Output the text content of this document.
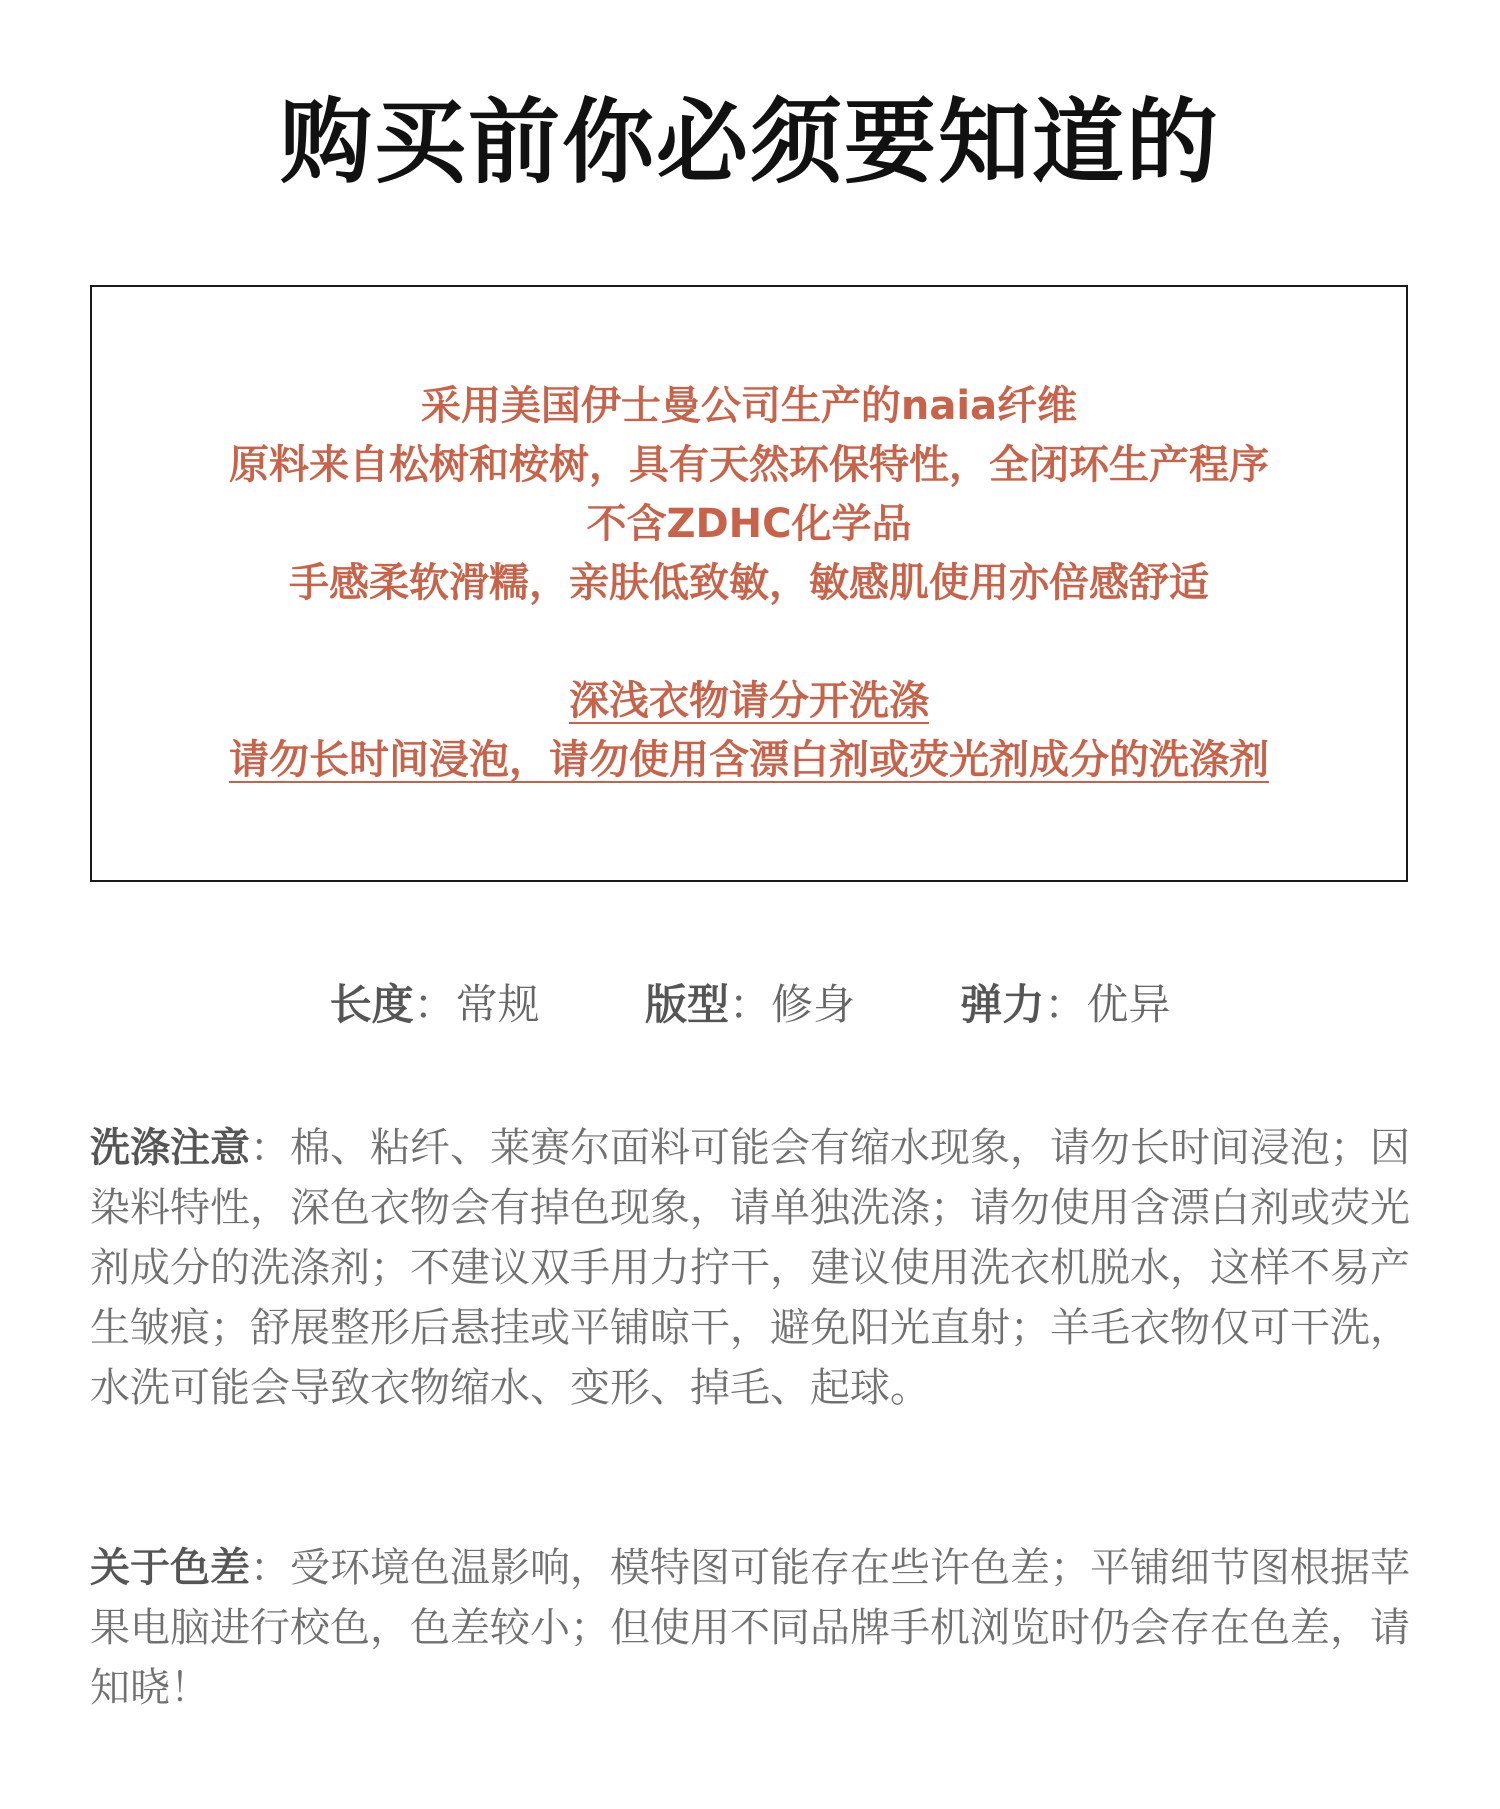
购买前你必须要知道的
采用美国伊士曼公司生产的naia纤维
原料来自松树和桉树，具有天然环保特性，全闭环生产程序
不含ZDHC化学品
手感柔软滑糯，亲肤低致敏，敏感肌使用亦倍感舒适
深浅衣物请分开洗涤
请勿长时间浸泡，请勿使用含漂白剂或荧光剂成分的洗涤剂
长度：常规	版型：修身	弹力：优异
洗涤注意：棉、粘纤、莱赛尔面料可能会有缩水现象，请勿长时间浸泡；因染料特性，深色衣物会有掉色现象，请单独洗涤；请勿使用含漂白剂或荧光剂成分的洗涤剂；不建议双手用力拧干，建议使用洗衣机脱水，这样不易产生皱痕；舒展整形后悬挂或平铺晾干，避免阳光直射；羊毛衣物仅可干洗，水洗可能会导致衣物缩水、变形、掉毛、起球。
关于色差：受环境色温影响，模特图可能存在些许色差；平铺细节图根据苹果电脑进行校色，色差较小；但使用不同品牌手机浏览时仍会存在色差，请知晓！
